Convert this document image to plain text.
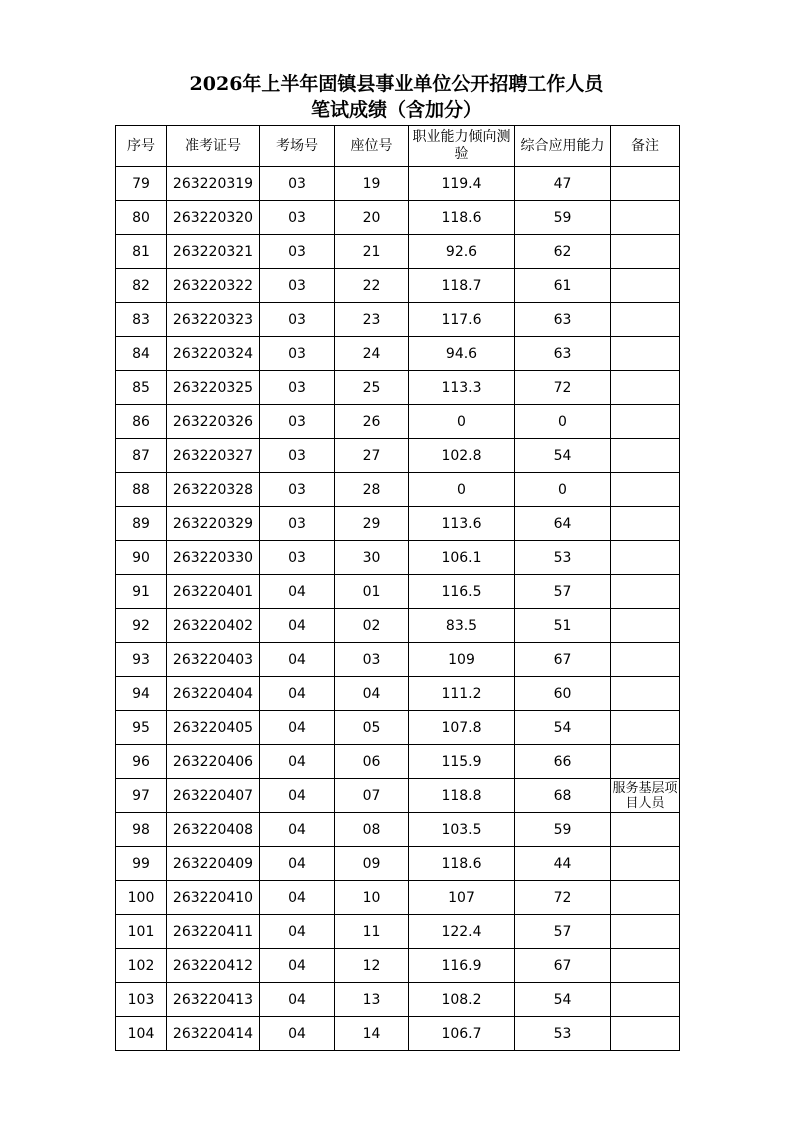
2026年上半年固镇县事业单位公开招聘工作人员
笔试成绩（含加分）
序号	准考证号	考场号	座位号	职业能力倾向测验	综合应用能力	备注
79	263220319	03	19	119.4	47	
80	263220320	03	20	118.6	59	
81	263220321	03	21	92.6	62	
82	263220322	03	22	118.7	61	
83	263220323	03	23	117.6	63	
84	263220324	03	24	94.6	63	
85	263220325	03	25	113.3	72	
86	263220326	03	26	0	0	
87	263220327	03	27	102.8	54	
88	263220328	03	28	0	0	
89	263220329	03	29	113.6	64	
90	263220330	03	30	106.1	53	
91	263220401	04	01	116.5	57	
92	263220402	04	02	83.5	51	
93	263220403	04	03	109	67	
94	263220404	04	04	111.2	60	
95	263220405	04	05	107.8	54	
96	263220406	04	06	115.9	66	
97	263220407	04	07	118.8	68	服务基层项目人员
98	263220408	04	08	103.5	59	
99	263220409	04	09	118.6	44	
100	263220410	04	10	107	72	
101	263220411	04	11	122.4	57	
102	263220412	04	12	116.9	67	
103	263220413	04	13	108.2	54	
104	263220414	04	14	106.7	53	
